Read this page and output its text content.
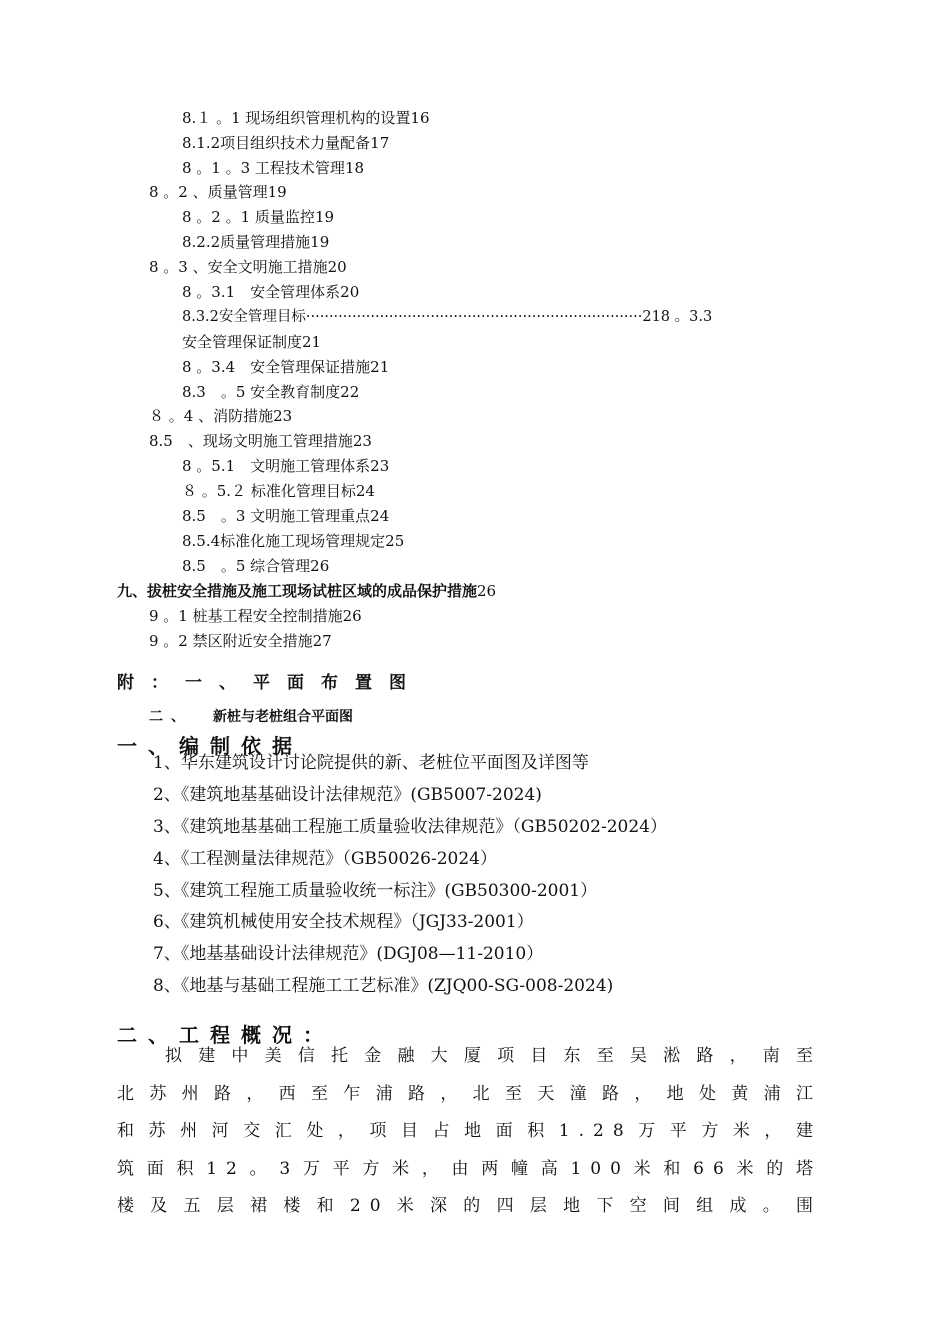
8.１ 。1 现场组织管理机构的设置16
8.1.2项目组织技术力量配备17
8 。1 。3 工程技术管理18
8 。2 、质量管理19
8 。2 。1 质量监控19
8.2.2质量管理措施19
8 。3 、安全文明施工措施20
8 。3.1　安全管理体系20
8.3.2安全管理目标·········································································218 。3.3
安全管理保证制度21
8 。3.4　安全管理保证措施21
8.3　。5 安全教育制度22
８ 。4 、消防措施23
8.5　、现场文明施工管理措施23
8 。5.1　文明施工管理体系23
８ 。5.２ 标准化管理目标24
8.5　。3 文明施工管理重点24
8.5.4标准化施工现场管理规定25
8.5　。5 综合管理26
九、拔桩安全措施及施工现场试桩区域的成品保护措施26
9 。1 桩基工程安全控制措施26
9 。2 禁区附近安全措施27
附：一、平面布置图
二、 新桩与老桩组合平面图
一、编制依据
1、华东建筑设计讨论院提供的新、老桩位平面图及详图等
2、《建筑地基基础设计法律规范》(GB5007-2024)
3、《建筑地基基础工程施工质量验收法律规范》（GB50202-2024）
4、《工程测量法律规范》（GB50026-2024）
5、《建筑工程施工质量验收统一标注》(GB50300-2001）
6、《建筑机械使用安全技术规程》（JGJ33-2001）
7、《地基基础设计法律规范》(DGJ08—11-2010）
8、《地基与基础工程施工工艺标准》(ZJQ00-SG-008-2024)
二、工程概况：
拟建中美信托金融大厦项目东至吴淞路，南至
北苏州路，西至乍浦路，北至天潼路，地处黄浦江
和苏州河交汇处，项目占地面积1.28万平方米，建
筑面积12。3万平方米，由两幢高100米和66米的塔
楼及五层裙楼和20米深的四层地下空间组成。围
